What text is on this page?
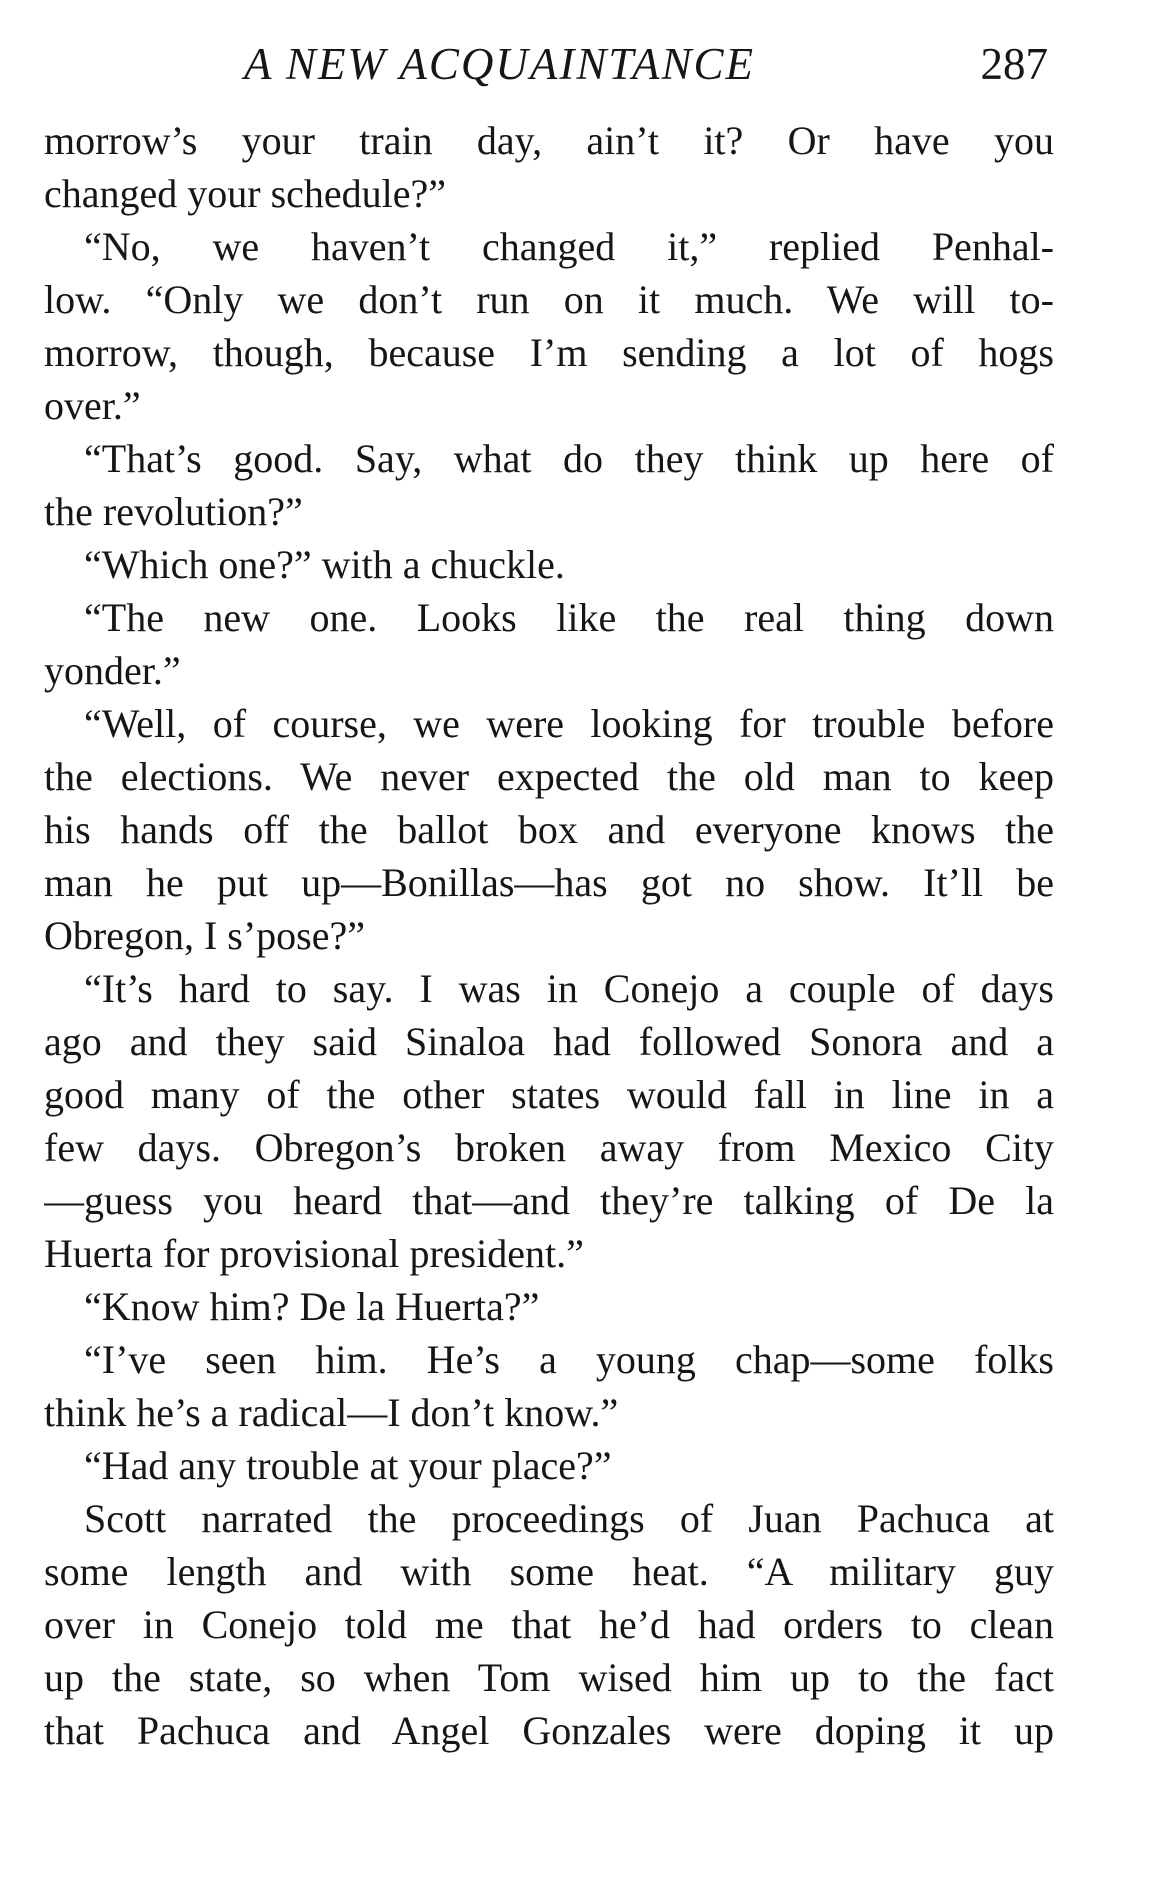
A NEW ACQUAINTANCE	287
morrow’s your train day, ain’t it? Or have you
changed your schedule?”
“No, we haven’t changed it,” replied Penhal-
low. “Only we don’t run on it much. We will to-
morrow, though, because I’m sending a lot of hogs
over.”
“That’s good. Say, what do they think up here of
the revolution?”
“Which one?” with a chuckle.
“The new one. Looks like the real thing down
yonder.”
“Well, of course, we were looking for trouble before
the elections. We never expected the old man to keep
his hands off the ballot box and everyone knows the
man he put up—Bonillas—has got no show. It’ll be
Obregon, I s’pose?”
“It’s hard to say. I was in Conejo a couple of days
ago and they said Sinaloa had followed Sonora and a
good many of the other states would fall in line in a
few days. Obregon’s broken away from Mexico City
—guess you heard that—and they’re talking of De la
Huerta for provisional president.”
“Know him? De la Huerta?”
“I’ve seen him. He’s a young chap—some folks
think he’s a radical—I don’t know.”
“Had any trouble at your place?”
Scott narrated the proceedings of Juan Pachuca at
some length and with some heat. “A military guy
over in Conejo told me that he’d had orders to clean
up the state, so when Tom wised him up to the fact
that Pachuca and Angel Gonzales were doping it up
